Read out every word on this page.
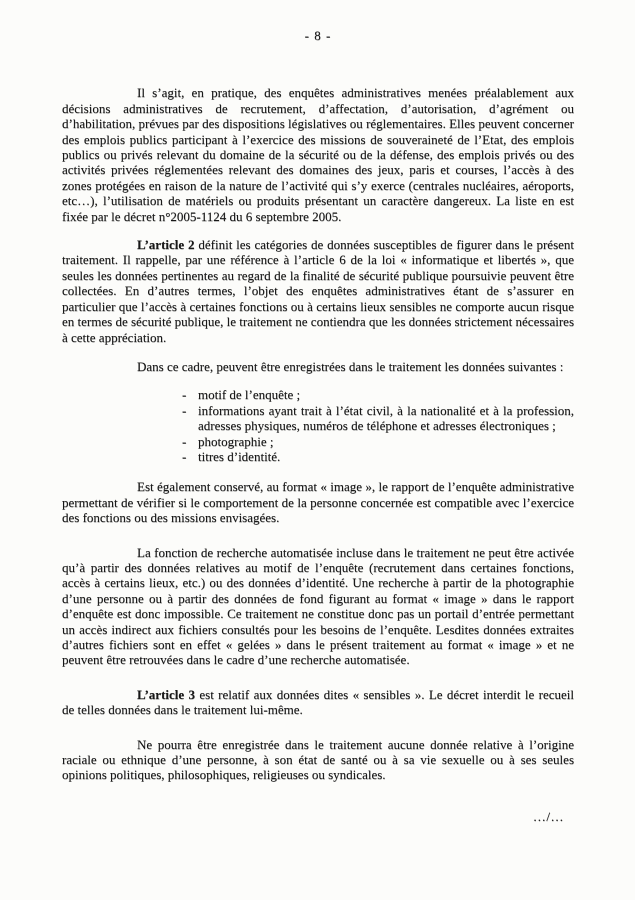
- 8 -

Il s’agit, en pratique, des enquêtes administratives menées préalablement aux décisions administratives de recrutement, d’affectation, d’autorisation, d’agrément ou d’habilitation, prévues par des dispositions législatives ou réglementaires. Elles peuvent concerner des emplois publics participant à l’exercice des missions de souveraineté de l’Etat, des emplois publics ou privés relevant du domaine de la sécurité ou de la défense, des emplois privés ou des activités privées réglementées relevant des domaines des jeux, paris et courses, l’accès à des zones protégées en raison de la nature de l’activité qui s’y exerce (centrales nucléaires, aéroports, etc…), l’utilisation de matériels ou produits présentant un caractère dangereux. La liste en est fixée par le décret n°2005-1124 du 6 septembre 2005.

L’article 2 définit les catégories de données susceptibles de figurer dans le présent traitement. Il rappelle, par une référence à l’article 6 de la loi « informatique et libertés », que seules les données pertinentes au regard de la finalité de sécurité publique poursuivie peuvent être collectées. En d’autres termes, l’objet des enquêtes administratives étant de s’assurer en particulier que l’accès à certaines fonctions ou à certains lieux sensibles ne comporte aucun risque en termes de sécurité publique, le traitement ne contiendra que les données strictement nécessaires à cette appréciation.

Dans ce cadre, peuvent être enregistrées dans le traitement les données suivantes :

- motif de l’enquête ;
- informations ayant trait à l’état civil, à la nationalité et à la profession, adresses physiques, numéros de téléphone et adresses électroniques ;
- photographie ;
- titres d’identité.

Est également conservé, au format « image », le rapport de l’enquête administrative permettant de vérifier si le comportement de la personne concernée est compatible avec l’exercice des fonctions ou des missions envisagées.

La fonction de recherche automatisée incluse dans le traitement ne peut être activée qu’à partir des données relatives au motif de l’enquête (recrutement dans certaines fonctions, accès à certains lieux, etc.) ou des données d’identité. Une recherche à partir de la photographie d’une personne ou à partir des données de fond figurant au format « image » dans le rapport d’enquête est donc impossible. Ce traitement ne constitue donc pas un portail d’entrée permettant un accès indirect aux fichiers consultés pour les besoins de l’enquête. Lesdites données extraites d’autres fichiers sont en effet « gelées » dans le présent traitement au format « image » et ne peuvent être retrouvées dans le cadre d’une recherche automatisée.

L’article 3 est relatif aux données dites « sensibles ». Le décret interdit le recueil de telles données dans le traitement lui-même.

Ne pourra être enregistrée dans le traitement aucune donnée relative à l’origine raciale ou ethnique d’une personne, à son état de santé ou à sa vie sexuelle ou à ses seules opinions politiques, philosophiques, religieuses ou syndicales.

…/…
